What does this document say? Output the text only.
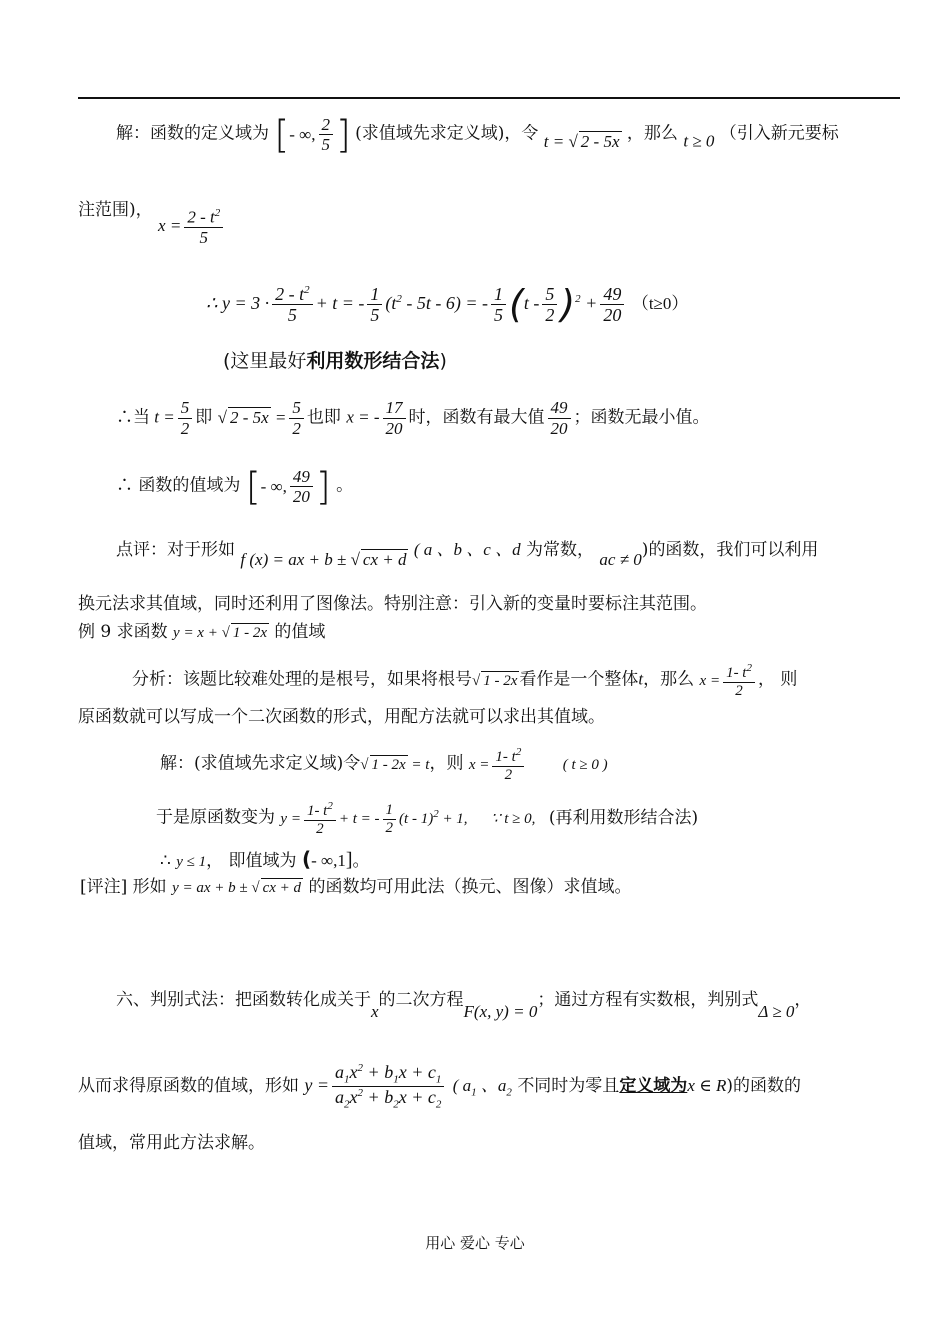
解：函数的定义域为 [- ∞, $\frac{2}{5}$ ] (求值域先求定义域)，令 t = √ 2 - 5x ，那么 t ≥ 0 （引入新元要标
注范围)， $x = \frac{2 - t^2}{5}$
∴ $y = 3 \cdot \frac{2 - t^2}{5} + t$ = - $\frac{1}{5} (t^2 - 5t - 6)$ = - $\frac{1}{5} (t - \frac{5}{2} )^2 + \frac{49}{20} (t\ge 0)$
(这里最好利用数形结合法)
∴当 $t = \frac{5}{2}$ 即 √ $2 - 5x = \frac{5}{2}$ 也即 x = - $\frac{17}{20}$ 时，函数有最大值 $\frac{49}{20}$ ；函数无最小值。
∴ 函数的值域为 [- ∞, $\frac{49}{20}$ ] 。
点评：对于形如 f (x) = ax + b ± √ cx + d ( a 、b 、c 、d 为常数， ac ≠ 0)的函数，我们可以利用
换元法求其值域，同时还利用了图像法。特别注意：引入新的变量时要标注其范围。
例 9 求函数 y = x + √ 1 - 2x 的值域
分析：该题比较难处理的是根号，如果将根号√ 1 - 2x 看作是一个整体t，那么 $x = \frac{1- t^2}{2}$ ， 则
原函数就可以写成一个二次函数的形式，用配方法就可以求出其值域。
解：(求值域先求定义域)令√ 1 - 2x = t，则 $x = \frac{1- t^2}{2}$	( t ≥ 0 )
于是原函数变为 $y = \frac{1- t^2}{2} + t$ = - $\frac{1}{2} (t - 1)^2 + 1$, ∵ t ≥ 0, (再利用数形结合法)
∴ y ≤ 1， 即值域为 (- ∞,1]。
[评注] 形如 y = ax + b ± √ cx + d 的函数均可用此法（换元、图像）求值域。
六、判别式法：把函数转化成关于x的二次方程F(x, y) = 0；通过方程有实数根，判别式Δ ≥ 0，
从而求得原函数的值域，形如 $y = \frac{a_1x^2 + b_1x + c_1}{a_2x^2 + b_2x + c_2}$ ( $a_1$ 、$a_2$ 不同时为零且定义域为x ∈ R)的函数的
值域，常用此方法求解。
用心 爱心 专心
